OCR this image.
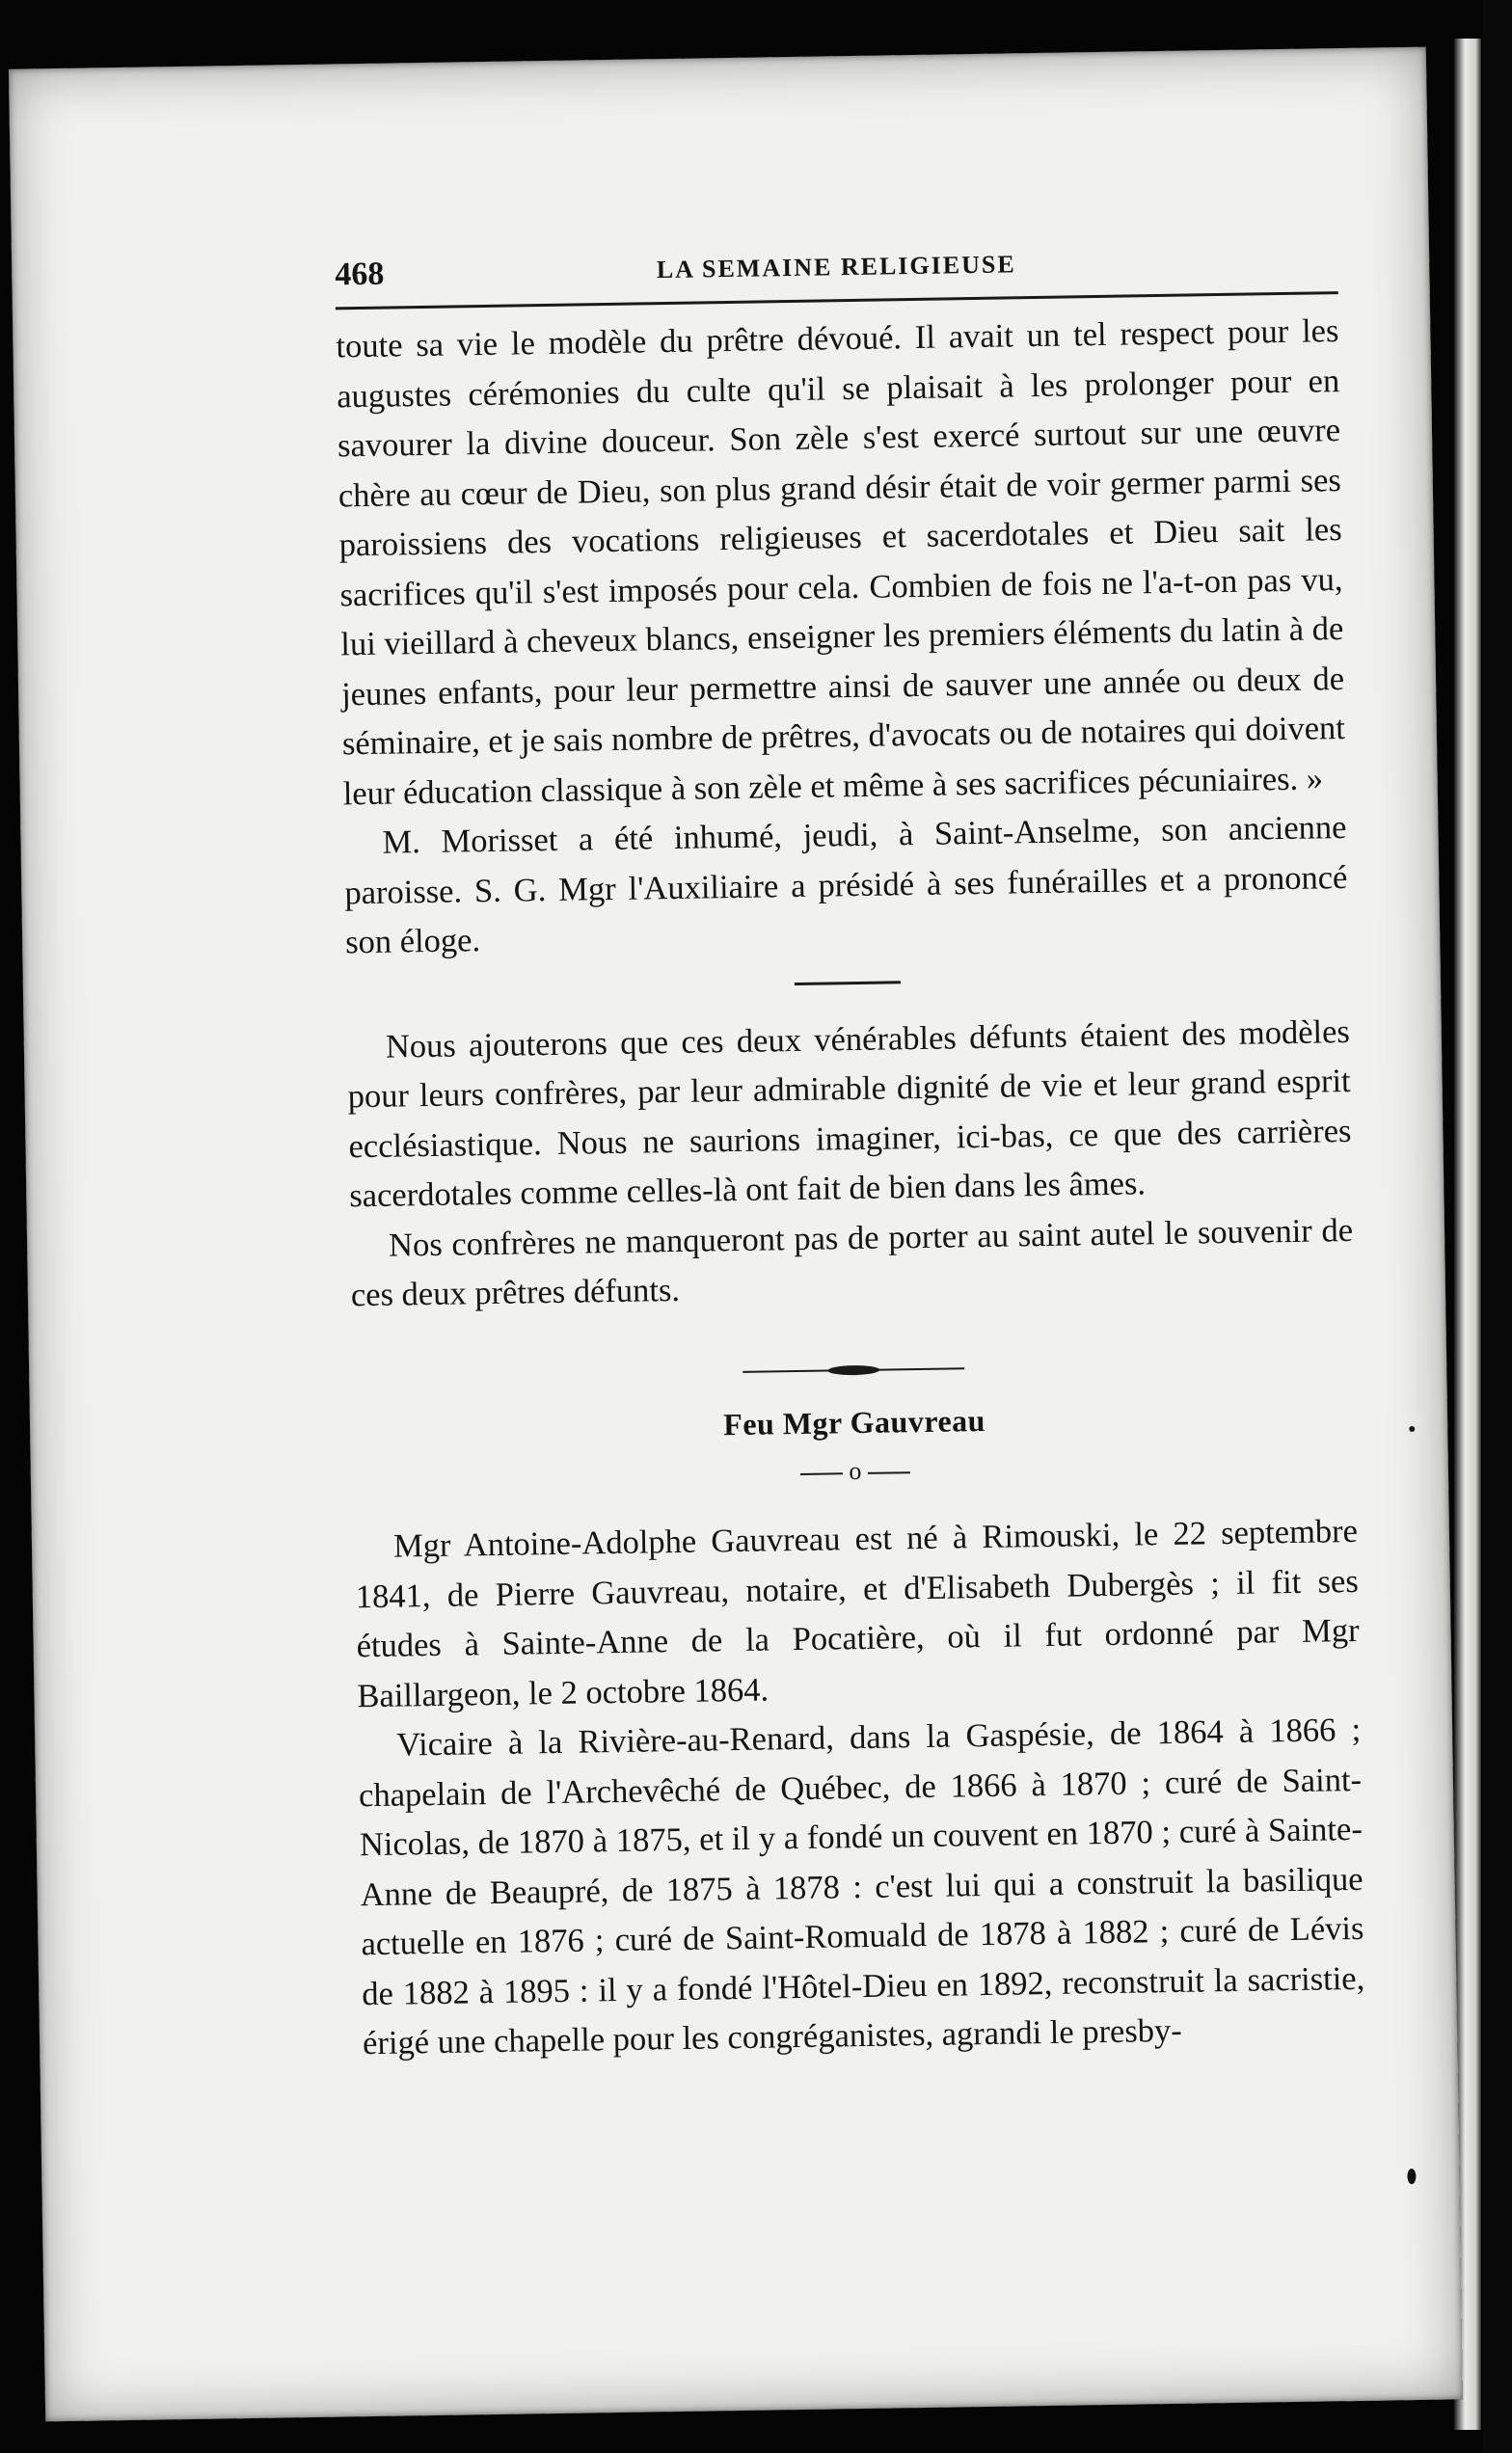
468	LA SEMAINE RELIGIEUSE

toute sa vie le modèle du prêtre dévoué. Il avait un tel respect pour les augustes cérémonies du culte qu'il se plaisait à les prolonger pour en savourer la divine douceur. Son zèle s'est exercé surtout sur une œuvre chère au cœur de Dieu, son plus grand désir était de voir germer parmi ses paroissiens des vocations religieuses et sacerdotales et Dieu sait les sacrifices qu'il s'est imposés pour cela. Combien de fois ne l'a-t-on pas vu, lui vieillard à cheveux blancs, enseigner les premiers éléments du latin à de jeunes enfants, pour leur permettre ainsi de sauver une année ou deux de séminaire, et je sais nombre de prêtres, d'avocats ou de notaires qui doivent leur éducation classique à son zèle et même à ses sacrifices pécuniaires. »

M. Morisset a été inhumé, jeudi, à Saint-Anselme, son ancienne paroisse. S. G. Mgr l'Auxiliaire a présidé à ses funérailles et a prononcé son éloge.

Nous ajouterons que ces deux vénérables défunts étaient des modèles pour leurs confrères, par leur admirable dignité de vie et leur grand esprit ecclésiastique. Nous ne saurions imaginer, ici-bas, ce que des carrières sacerdotales comme celles-là ont fait de bien dans les âmes.

Nos confrères ne manqueront pas de porter au saint autel le souvenir de ces deux prêtres défunts.

Feu Mgr Gauvreau
o

Mgr Antoine-Adolphe Gauvreau est né à Rimouski, le 22 septembre 1841, de Pierre Gauvreau, notaire, et d'Elisabeth Dubergès ; il fit ses études à Sainte-Anne de la Pocatière, où il fut ordonné par Mgr Baillargeon, le 2 octobre 1864.

Vicaire à la Rivière-au-Renard, dans la Gaspésie, de 1864 à 1866 ; chapelain de l'Archevêché de Québec, de 1866 à 1870 ; curé de Saint-Nicolas, de 1870 à 1875, et il y a fondé un couvent en 1870 ; curé à Sainte-Anne de Beaupré, de 1875 à 1878 : c'est lui qui a construit la basilique actuelle en 1876 ; curé de Saint-Romuald de 1878 à 1882 ; curé de Lévis de 1882 à 1895 : il y a fondé l'Hôtel-Dieu en 1892, reconstruit la sacristie, érigé une chapelle pour les congréganistes, agrandi le presby-
